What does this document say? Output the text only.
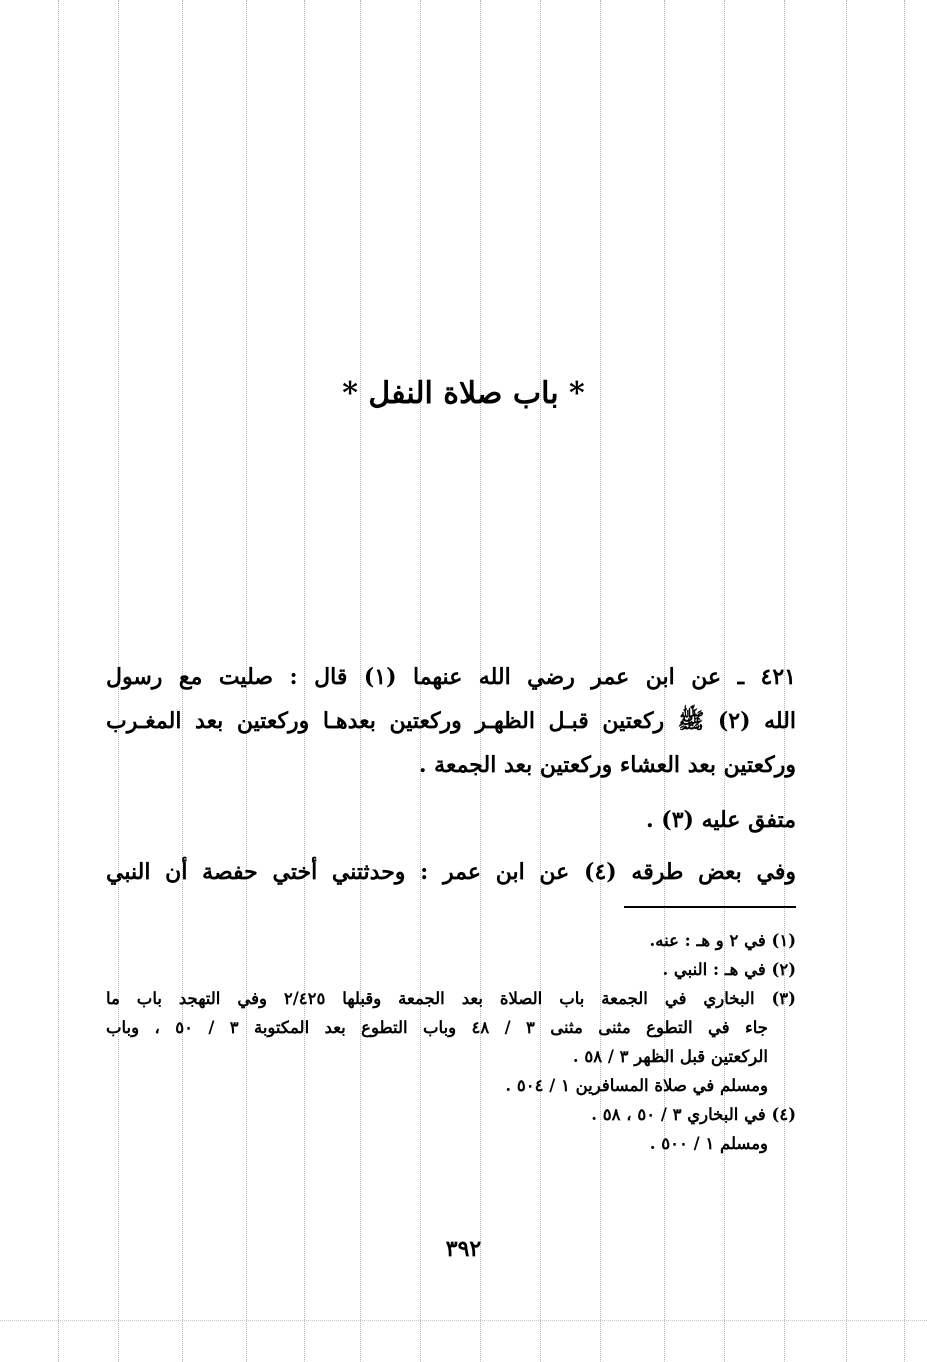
* باب صلاة النفل *
٤٢١ ـ عن ابن عمر رضي الله عنهما (١) قال : صليت مع رسول
الله (٢) ﷺ ركعتين قبـل الظهـر وركعتين بعدهـا وركعتين بعد المغـرب
وركعتين بعد العشاء وركعتين بعد الجمعة .
متفق عليه (٣) .
وفي بعض طرقه (٤) عن ابن عمر : وحدثتني أختي حفصة أن النبي
(١) في ٢ و هـ : عنه.
(٢) في هـ : النبي .
(٣) البخاري في الجمعة باب الصلاة بعد الجمعة وقبلها ٢/٤٢٥ وفي التهجد باب ما
جاء في التطوع مثنى مثنى ٣ / ٤٨ وباب التطوع بعد المكتوبة ٣ / ٥٠ ، وباب
الركعتين قبل الظهر ٣ / ٥٨ .
ومسلم في صلاة المسافرين ١ / ٥٠٤ .
(٤) في البخاري ٣ / ٥٠ ، ٥٨ .
ومسلم ١ / ٥٠٠ .
٣٩٢
